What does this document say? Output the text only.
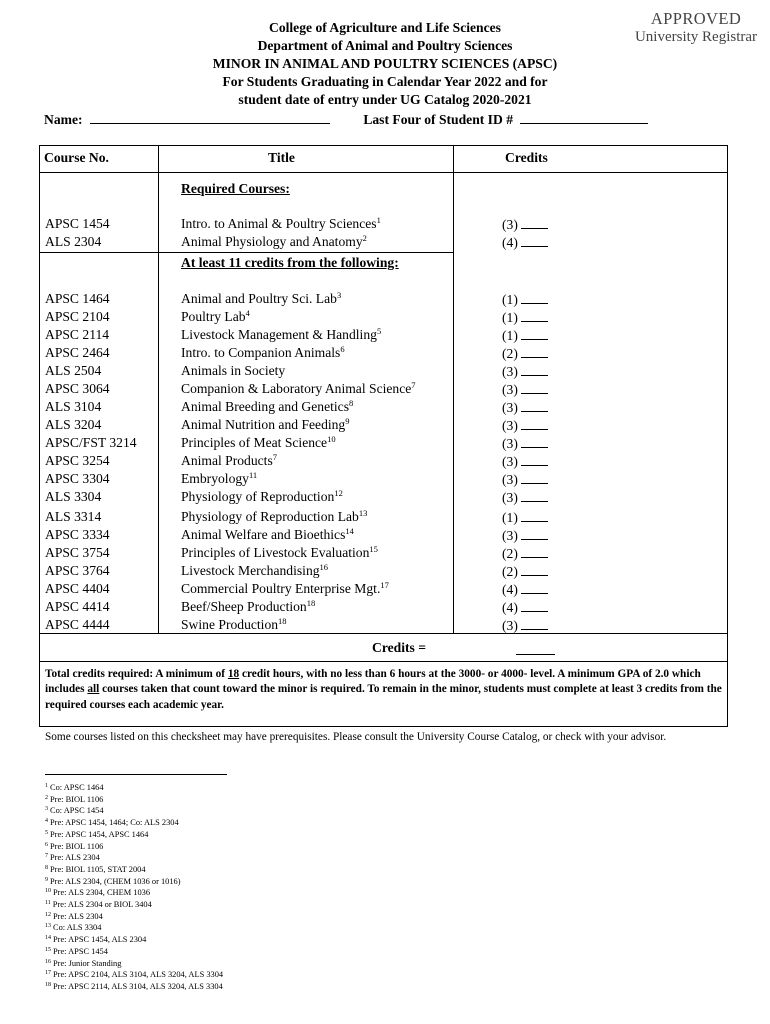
APPROVED
University Registrar
College of Agriculture and Life Sciences
Department of Animal and Poultry Sciences
MINOR IN ANIMAL AND POULTRY SCIENCES (APSC)
For Students Graduating in Calendar Year 2022 and for
student date of entry under UG Catalog 2020-2021
Name:	Last Four of Student ID #
Course No.	Title	Credits
Required Courses:
At least 11 credits from the following:
APSC 1454	Intro. to Animal & Poultry Sciences$^1$	(3)
ALS 2304	Animal Physiology and Anatomy$^2$	(4)
APSC 1464	Animal and Poultry Sci. Lab$^3$	(1)
APSC 2104	Poultry Lab$^4$	(1)
APSC 2114	Livestock Management & Handling$^5$	(1)
APSC 2464	Intro. to Companion Animals$^6$	(2)
ALS 2504	Animals in Society	(3)
APSC 3064	Companion & Laboratory Animal Science$^7$	(3)
ALS 3104	Animal Breeding and Genetics$^8$	(3)
ALS 3204	Animal Nutrition and Feeding$^9$	(3)
APSC/FST 3214	Principles of Meat Science$^{10}$	(3)
APSC 3254	Animal Products$^7$	(3)
APSC 3304	Embryology$^{11}$	(3)
ALS 3304	Physiology of Reproduction$^{12}$	(3)
ALS 3314	Physiology of Reproduction Lab$^{13}$	(1)
APSC 3334	Animal Welfare and Bioethics$^{14}$	(3)
APSC 3754	Principles of Livestock Evaluation$^{15}$	(2)
APSC 3764	Livestock Merchandising$^{16}$	(2)
APSC 4404	Commercial Poultry Enterprise Mgt.$^{17}$	(4)
APSC 4414	Beef/Sheep Production$^{18}$	(4)
APSC 4444	Swine Production$^{18}$	(3)
Credits =
Total credits required: A minimum of 18 credit hours, with no less than 6 hours at the 3000- or 4000- level. A minimum GPA of 2.0 which includes all courses taken that count toward the minor is required. To remain in the minor, students must complete at least 3 credits from the required courses each academic year.
Some courses listed on this checksheet may have prerequisites. Please consult the University Course Catalog, or check with your advisor.
$^1$ Co: APSC 1464
$^2$ Pre: BIOL 1106
$^3$ Co: APSC 1454
$^4$ Pre: APSC 1454, 1464; Co: ALS 2304
$^5$ Pre: APSC 1454, APSC 1464
$^6$ Pre: BIOL 1106
$^7$ Pre: ALS 2304
$^8$ Pre: BIOL 1105, STAT 2004
$^9$ Pre: ALS 2304, (CHEM 1036 or 1016)
$^{10}$ Pre: ALS 2304, CHEM 1036
$^{11}$ Pre: ALS 2304 or BIOL 3404
$^{12}$ Pre: ALS 2304
$^{13}$ Co: ALS 3304
$^{14}$ Pre: APSC 1454, ALS 2304
$^{15}$ Pre: APSC 1454
$^{16}$ Pre: Junior Standing
$^{17}$ Pre: APSC 2104, ALS 3104, ALS 3204, ALS 3304
$^{18}$ Pre: APSC 2114, ALS 3104, ALS 3204, ALS 3304
